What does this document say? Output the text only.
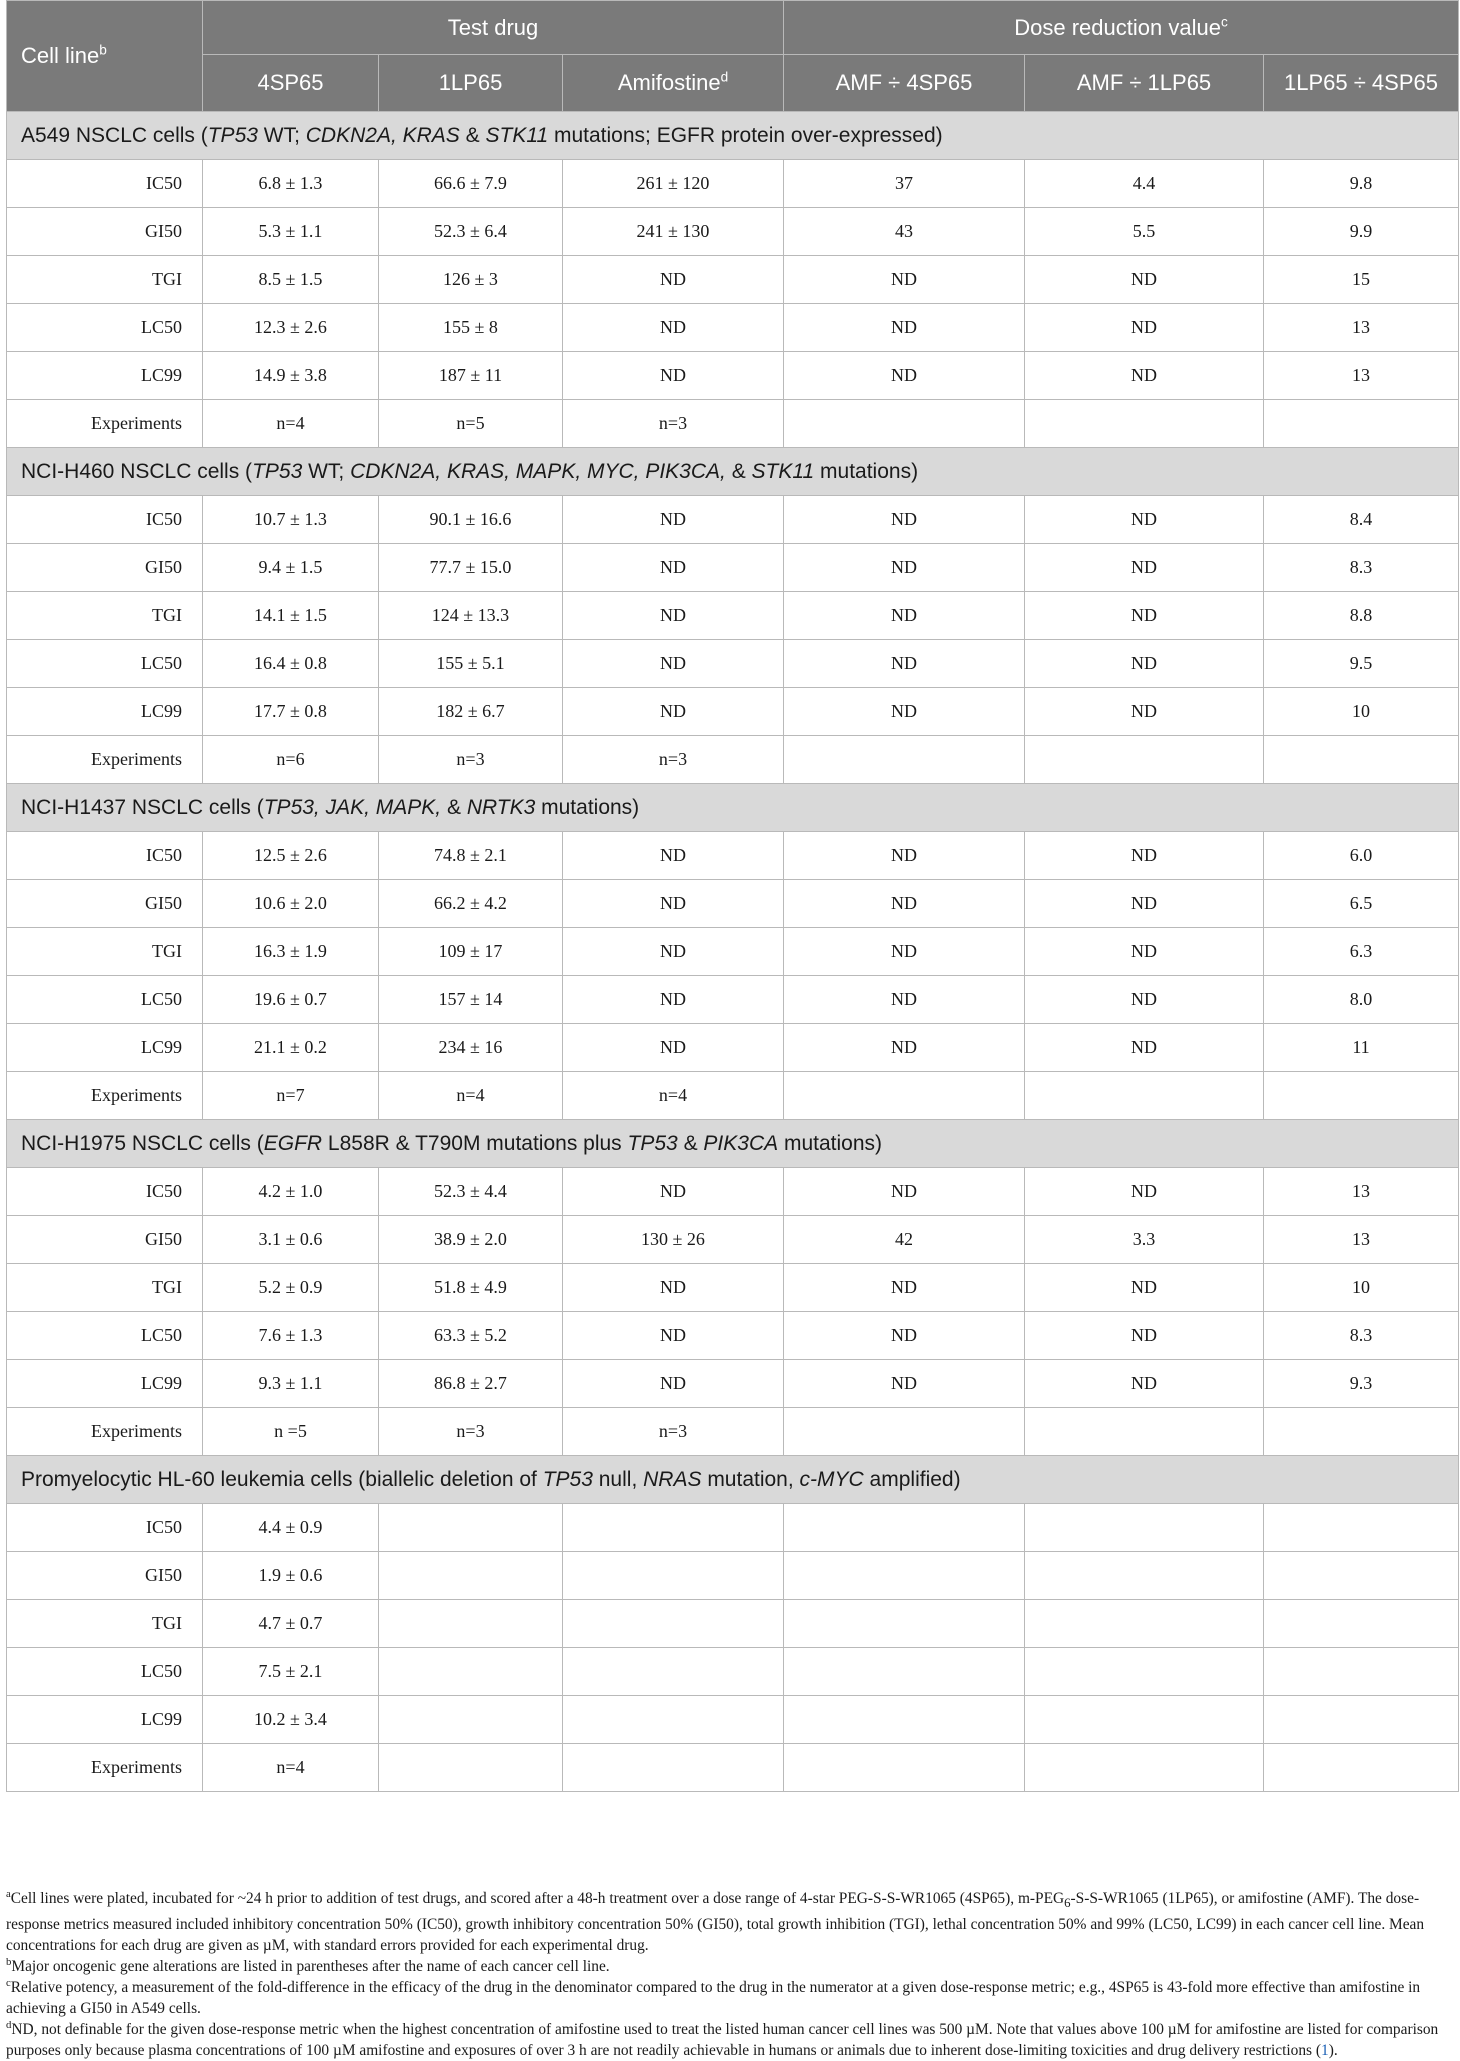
Cell line$^b$	Test drug			Dose reduction value$^c$
	4SP65	1LP65	Amifostine$^d$	AMF ÷ 4SP65	AMF ÷ 1LP65	1LP65 ÷ 4SP65
A549 NSCLC cells (TP53 WT; CDKN2A, KRAS & STK11 mutations; EGFR protein over-expressed)						
IC50	6.8 ± 1.3	66.6 ± 7.9	261 ± 120	37	4.4	9.8
GI50	5.3 ± 1.1	52.3 ± 6.4	241 ± 130	43	5.5	9.9
TGI	8.5 ± 1.5	126 ± 3	ND	ND	ND	15
LC50	12.3 ± 2.6	155 ± 8	ND	ND	ND	13
LC99	14.9 ± 3.8	187 ± 11	ND	ND	ND	13
Experiments	n=4	n=5	n=3			
NCI-H460 NSCLC cells (TP53 WT; CDKN2A, KRAS, MAPK, MYC, PIK3CA, & STK11 mutations)						
IC50	10.7 ± 1.3	90.1 ± 16.6	ND	ND	ND	8.4
GI50	9.4 ± 1.5	77.7 ± 15.0	ND	ND	ND	8.3
TGI	14.1 ± 1.5	124 ± 13.3	ND	ND	ND	8.8
LC50	16.4 ± 0.8	155 ± 5.1	ND	ND	ND	9.5
LC99	17.7 ± 0.8	182 ± 6.7	ND	ND	ND	10
Experiments	n=6	n=3	n=3			
NCI-H1437 NSCLC cells (TP53, JAK, MAPK, & NRTK3 mutations)						
IC50	12.5 ± 2.6	74.8 ± 2.1	ND	ND	ND	6.0
GI50	10.6 ± 2.0	66.2 ± 4.2	ND	ND	ND	6.5
TGI	16.3 ± 1.9	109 ± 17	ND	ND	ND	6.3
LC50	19.6 ± 0.7	157 ± 14	ND	ND	ND	8.0
LC99	21.1 ± 0.2	234 ± 16	ND	ND	ND	11
Experiments	n=7	n=4	n=4			
NCI-H1975 NSCLC cells (EGFR L858R & T790M mutations plus TP53 & PIK3CA mutations)						
IC50	4.2 ± 1.0	52.3 ± 4.4	ND	ND	ND	13
GI50	3.1 ± 0.6	38.9 ± 2.0	130 ± 26	42	3.3	13
TGI	5.2 ± 0.9	51.8 ± 4.9	ND	ND	ND	10
LC50	7.6 ± 1.3	63.3 ± 5.2	ND	ND	ND	8.3
LC99	9.3 ± 1.1	86.8 ± 2.7	ND	ND	ND	9.3
Experiments	n =5	n=3	n=3			
Promyelocytic HL-60 leukemia cells (biallelic deletion of TP53 null, NRAS mutation, c-MYC amplified)						
IC50	4.4 ± 0.9					
GI50	1.9 ± 0.6					
TGI	4.7 ± 0.7					
LC50	7.5 ± 2.1					
LC99	10.2 ± 3.4					
Experiments	n=4					

$^a$Cell lines were plated, incubated for ~24 h prior to addition of test drugs, and scored after a 48-h treatment over a dose range of 4-star PEG-S-S-WR1065 (4SP65), $m-PEG_6-S-S-WR1065$ (1LP65), or amifostine (AMF). The dose-response metrics measured included inhibitory concentration 50% (IC50), growth inhibitory concentration 50% (GI50), total growth inhibition (TGI), lethal concentration 50% and 99% (LC50, LC99) in each cancer cell line. Mean concentrations for each drug are given as µM, with standard errors provided for each experimental drug.

$^b$Major oncogenic gene alterations are listed in parentheses after the name of each cancer cell line.

$^c$Relative potency, a measurement of the fold-difference in the efficacy of the drug in the denominator compared to the drug in the numerator at a given dose-response metric; e.g., 4SP65 is 43-fold more effective than amifostine in achieving a GI50 in A549 cells.

$^d$ND, not definable for the given dose-response metric when the highest concentration of amifostine used to treat the listed human cancer cell lines was 500 µM. Note that values above 100 µM for amifostine are listed for comparison purposes only because plasma concentrations of 100 µM amifostine and exposures of over 3 h are not readily achievable in humans or animals due to inherent dose-limiting toxicities and drug delivery restrictions (1).
